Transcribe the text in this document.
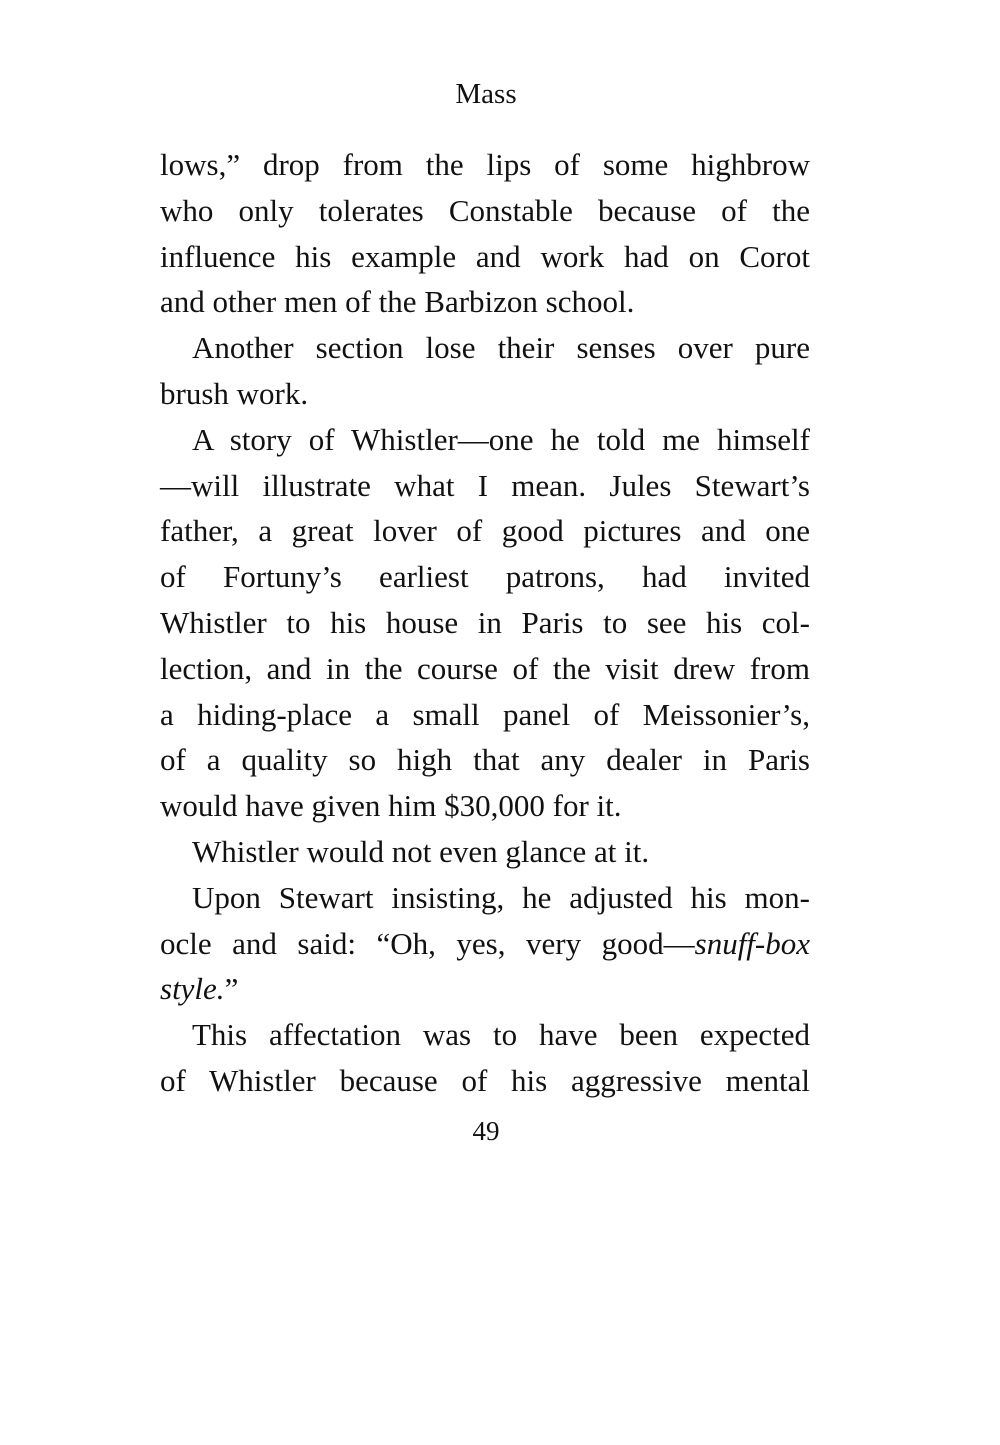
Mass
lows,” drop from the lips of some highbrow
who only tolerates Constable because of the
influence his example and work had on Corot
and other men of the Barbizon school.
Another section lose their senses over pure
brush work.
A story of Whistler—one he told me himself
—will illustrate what I mean. Jules Stewart’s
father, a great lover of good pictures and one
of Fortuny’s earliest patrons, had invited
Whistler to his house in Paris to see his col-
lection, and in the course of the visit drew from
a hiding-place a small panel of Meissonier’s,
of a quality so high that any dealer in Paris
would have given him $30,000 for it.
Whistler would not even glance at it.
Upon Stewart insisting, he adjusted his mon-
ocle and said: “Oh, yes, very good—snuff-box
style.”
This affectation was to have been expected
of Whistler because of his aggressive mental
49
